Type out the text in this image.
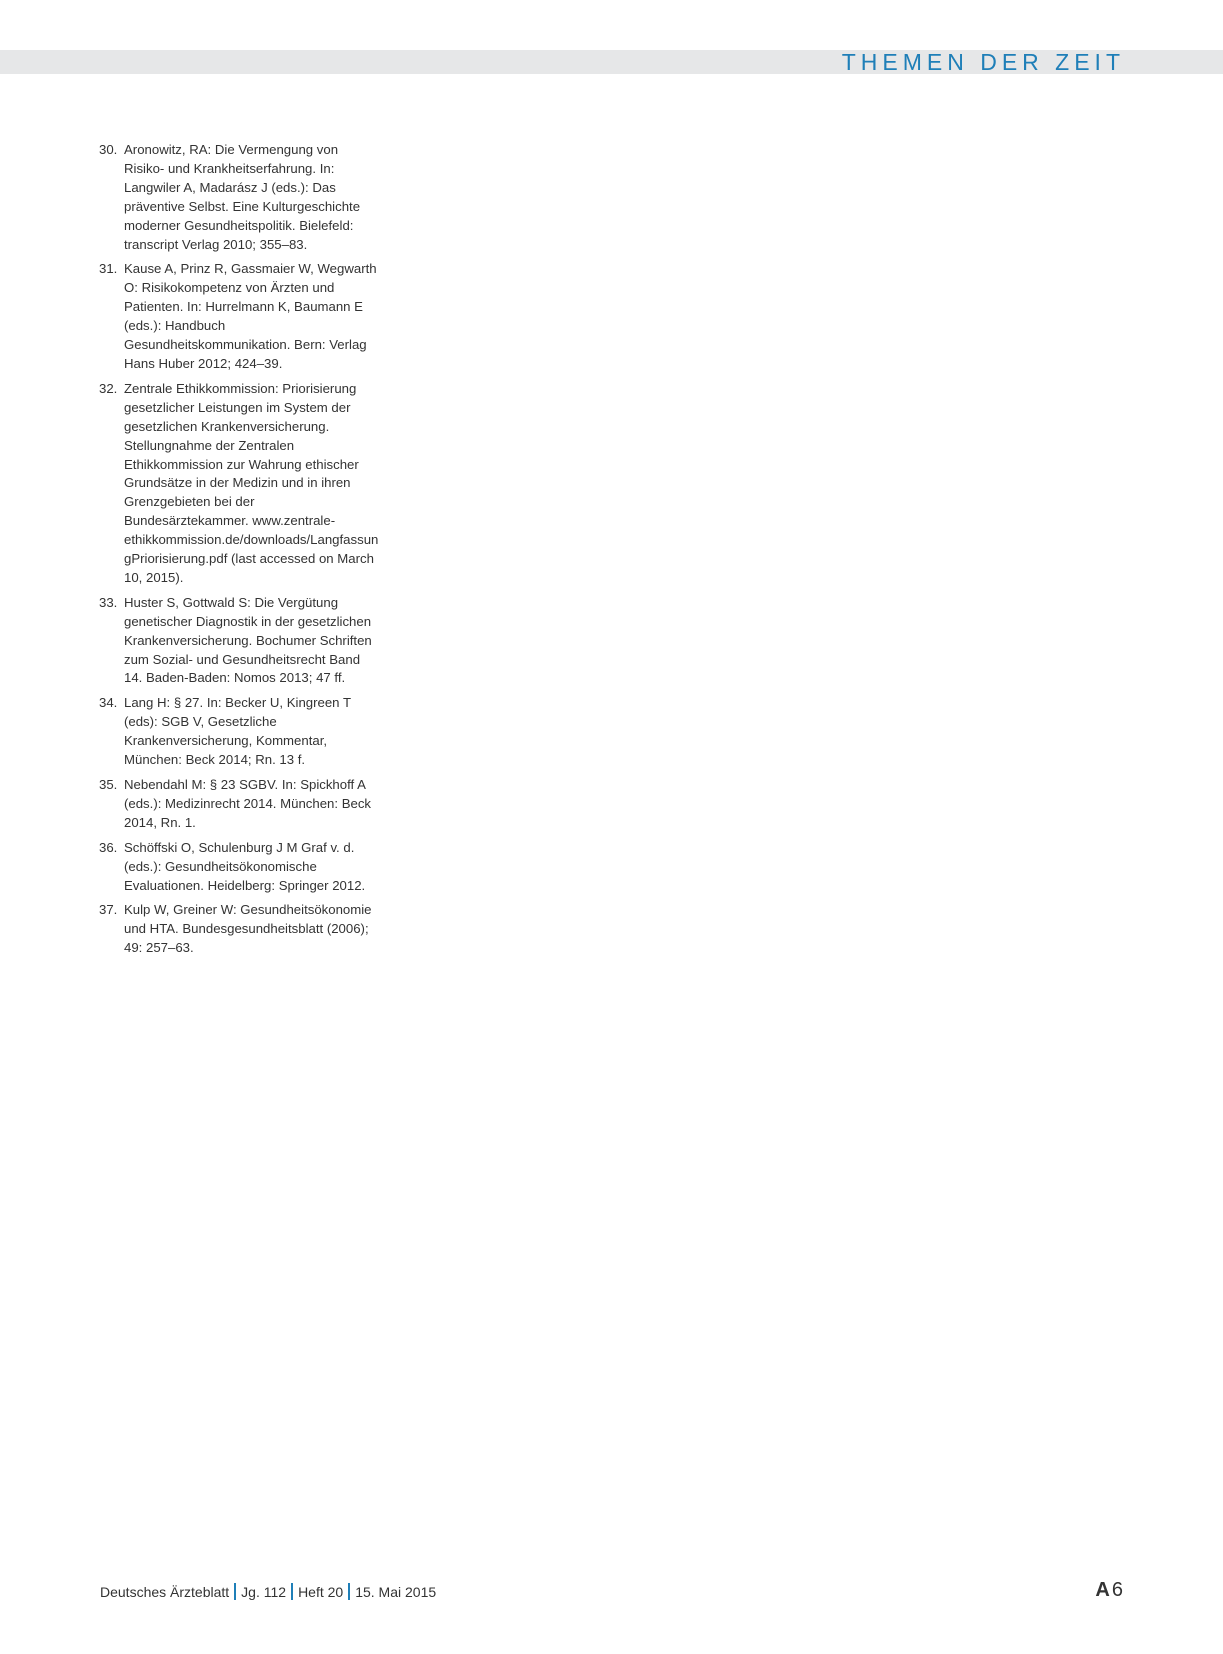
THEMEN DER ZEIT
30. Aronowitz, RA: Die Vermengung von Risiko- und Krankheitserfahrung. In: Langwiler A, Madarász J (eds.): Das präventive Selbst. Eine Kulturgeschichte moderner Gesundheitspolitik. Bielefeld: transcript Verlag 2010; 355–83.
31. Kause A, Prinz R, Gassmaier W, Wegwarth O: Risikokompetenz von Ärzten und Patienten. In: Hurrelmann K, Baumann E (eds.): Handbuch Gesundheitskommunikation. Bern: Verlag Hans Huber 2012; 424–39.
32. Zentrale Ethikkommission: Priorisierung gesetzlicher Leistungen im System der gesetzlichen Krankenversicherung. Stellungnahme der Zentralen Ethikkommission zur Wahrung ethischer Grundsätze in der Medizin und in ihren Grenzgebieten bei der Bundesärztekammer. www.zentrale-ethikkommission.de/downloads/LangfassungPriorisierung.pdf (last accessed on March 10, 2015).
33. Huster S, Gottwald S: Die Vergütung genetischer Diagnostik in der gesetzlichen Krankenversicherung. Bochumer Schriften zum Sozial- und Gesundheitsrecht Band 14. Baden-Baden: Nomos 2013; 47 ff.
34. Lang H: § 27. In: Becker U, Kingreen T (eds): SGB V, Gesetzliche Krankenversicherung, Kommentar, München: Beck 2014; Rn. 13 f.
35. Nebendahl M: § 23 SGBV. In: Spickhoff A (eds.): Medizinrecht 2014. München: Beck 2014, Rn. 1.
36. Schöffski O, Schulenburg J M Graf v. d. (eds.): Gesundheitsökonomische Evaluationen. Heidelberg: Springer 2012.
37. Kulp W, Greiner W: Gesundheitsökonomie und HTA. Bundesgesundheitsblatt (2006); 49: 257–63.
Deutsches Ärzteblatt Jg. 112 Heft 20 15. Mai 2015	A 6
